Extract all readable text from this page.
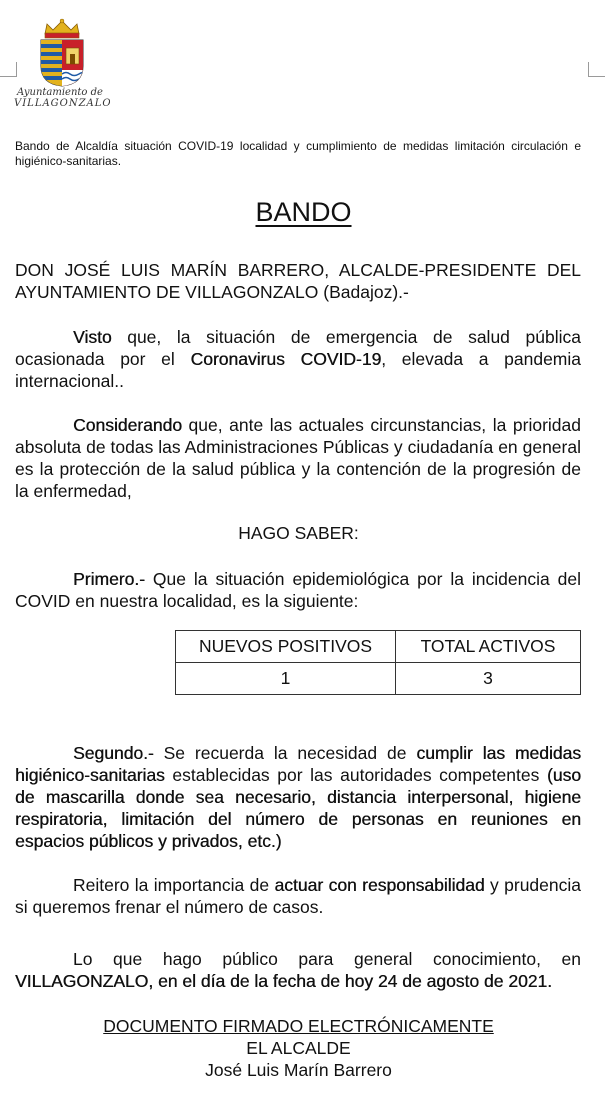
Ayuntamiento de
VILLAGONZALO
Bando de Alcaldía situación COVID-19 localidad y cumplimiento de medidas limitación circulación e higiénico-sanitarias.
BANDO
DON JOSÉ LUIS MARÍN BARRERO, ALCALDE-PRESIDENTE DEL AYUNTAMIENTO DE VILLAGONZALO (Badajoz).-
Visto que, la situación de emergencia de salud pública ocasionada por el Coronavirus COVID-19, elevada a pandemia internacional..
Considerando que, ante las actuales circunstancias, la prioridad absoluta de todas las Administraciones Públicas y ciudadanía en general es la protección de la salud pública y la contención de la progresión de la enfermedad,
HAGO SABER:
Primero.- Que la situación epidemiológica por la incidencia del COVID en nuestra localidad, es la siguiente:
NUEVOS POSITIVOS	TOTAL ACTIVOS
1	3
Segundo.- Se recuerda la necesidad de cumplir las medidas higiénico-sanitarias establecidas por las autoridades competentes (uso de mascarilla donde sea necesario, distancia interpersonal, higiene respiratoria, limitación del número de personas en reuniones en espacios públicos y privados, etc.)
Reitero la importancia de actuar con responsabilidad y prudencia si queremos frenar el número de casos.
Lo que hago público para general conocimiento, en VILLAGONZALO, en el día de la fecha de hoy 24 de agosto de 2021.
DOCUMENTO FIRMADO ELECTRÓNICAMENTE
EL ALCALDE
José Luis Marín Barrero
